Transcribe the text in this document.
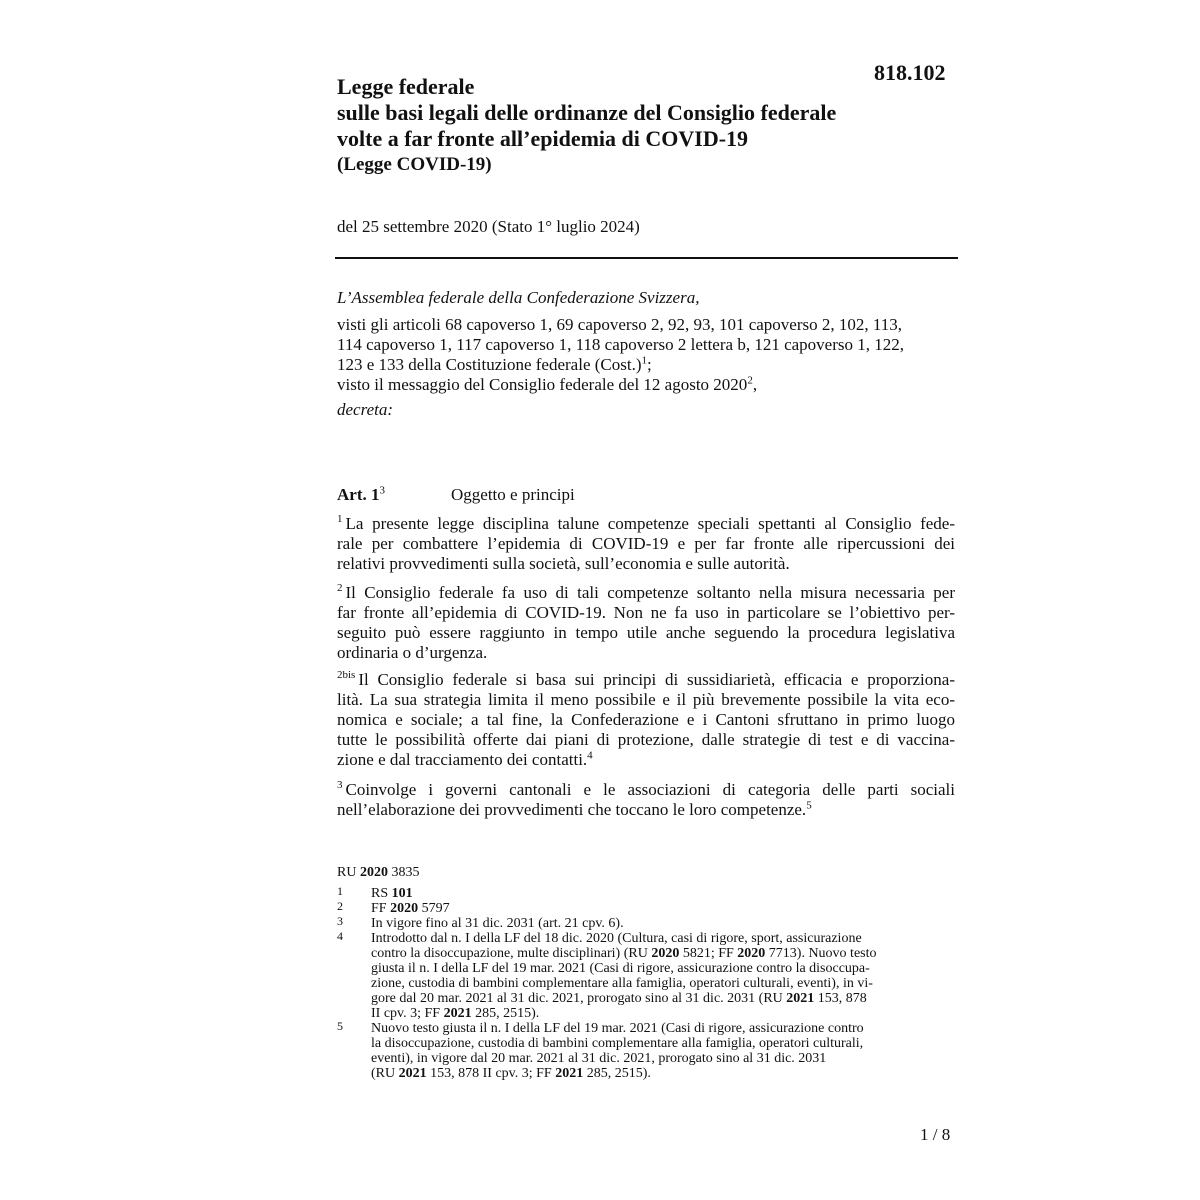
818.102
Legge federale
sulle basi legali delle ordinanze del Consiglio federale
volte a far fronte all’epidemia di COVID-19
(Legge COVID-19)
del 25 settembre 2020 (Stato 1° luglio 2024)
L’Assemblea federale della Confederazione Svizzera,
visti gli articoli 68 capoverso 1, 69 capoverso 2, 92, 93, 101 capoverso 2, 102, 113,
114 capoverso 1, 117 capoverso 1, 118 capoverso 2 lettera b, 121 capoverso 1, 122,
123 e 133 della Costituzione federale (Cost.)$^1$;
visto il messaggio del Consiglio federale del 12 agosto 2020$^2$,
decreta:
Art. $1^3$	Oggetto e principi
$^1$ La presente legge disciplina talune competenze speciali spettanti al Consiglio fede-
rale per combattere l’epidemia di COVID-19 e per far fronte alle ripercussioni dei
relativi provvedimenti sulla società, sull’economia e sulle autorità.
$^2$ Il Consiglio federale fa uso di tali competenze soltanto nella misura necessaria per
far fronte all’epidemia di COVID-19. Non ne fa uso in particolare se l’obiettivo per-
seguito può essere raggiunto in tempo utile anche seguendo la procedura legislativa
ordinaria o d’urgenza.
$^{2bis}$ Il Consiglio federale si basa sui principi di sussidiarietà, efficacia e proporziona-
lità. La sua strategia limita il meno possibile e il più brevemente possibile la vita eco-
nomica e sociale; a tal fine, la Confederazione e i Cantoni sfruttano in primo luogo
tutte le possibilità offerte dai piani di protezione, dalle strategie di test e di vaccina-
zione e dal tracciamento dei contatti.$^4$
$^3$ Coinvolge i governi cantonali e le associazioni di categoria delle parti sociali
nell’elaborazione dei provvedimenti che toccano le loro competenze.$^5$
RU 2020 3835
1 RS 101
2 FF 2020 5797
3 In vigore fino al 31 dic. 2031 (art. 21 cpv. 6).
4 Introdotto dal n. I della LF del 18 dic. 2020 (Cultura, casi di rigore, sport, assicurazione
contro la disoccupazione, multe disciplinari) (RU 2020 5821; FF 2020 7713). Nuovo testo
giusta il n. I della LF del 19 mar. 2021 (Casi di rigore, assicurazione contro la disoccupa-
zione, custodia di bambini complementare alla famiglia, operatori culturali, eventi), in vi-
gore dal 20 mar. 2021 al 31 dic. 2021, prorogato sino al 31 dic. 2031 (RU 2021 153, 878
II cpv. 3; FF 2021 285, 2515).
5 Nuovo testo giusta il n. I della LF del 19 mar. 2021 (Casi di rigore, assicurazione contro
la disoccupazione, custodia di bambini complementare alla famiglia, operatori culturali,
eventi), in vigore dal 20 mar. 2021 al 31 dic. 2021, prorogato sino al 31 dic. 2031
(RU 2021 153, 878 II cpv. 3; FF 2021 285, 2515).
1 / 8
